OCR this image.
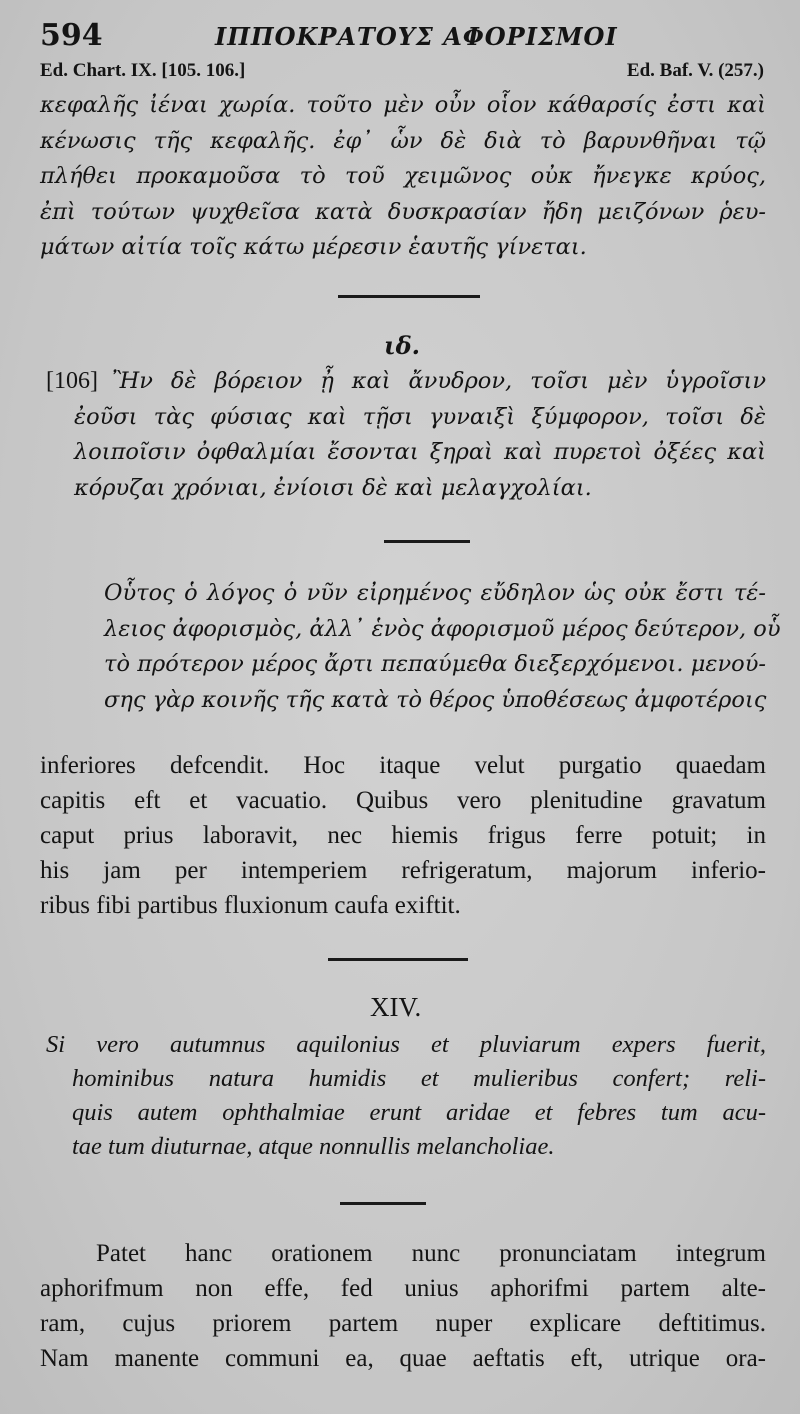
594	ΙΠΠΟΚΡΑΤΟΥΣ ΑΦΟΡΙΣΜΟΙ
Ed. Chart. IX. [105. 106.]	Ed. Baf. V. (257.)
κεφαλῆς ἰέναι χωρία. τοῦτο μὲν οὖν οἷον κάθαρσίς ἐστι καὶ
κένωσις τῆς κεφαλῆς. ἐφ᾽ ὧν δὲ διὰ τὸ βαρυνθῆναι τῷ
πλήθει προκαμοῦσα τὸ τοῦ χειμῶνος οὐκ ἤνεγκε κρύος,
ἐπὶ τούτων ψυχθεῖσα κατὰ δυσκρασίαν ἤδη μειζόνων ῥευ-
μάτων αἰτία τοῖς κάτω μέρεσιν ἑαυτῆς γίνεται.
ιδ.
[106] Ἢν δὲ βόρειον ᾖ καὶ ἄνυδρον, τοῖσι μὲν ὑγροῖσιν
ἐοῦσι τὰς φύσιας καὶ τῇσι γυναιξὶ ξύμφορον, τοῖσι δὲ
λοιποῖσιν ὀφθαλμίαι ἔσονται ξηραὶ καὶ πυρετοὶ ὀξέες καὶ
κόρυζαι χρόνιαι, ἐνίοισι δὲ καὶ μελαγχολίαι.
Οὗτος ὁ λόγος ὁ νῦν εἰρημένος εὔδηλον ὡς οὐκ ἔστι τέ-
λειος ἀφορισμὸς, ἀλλ᾽ ἑνὸς ἀφορισμοῦ μέρος δεύτερον, οὗ
τὸ πρότερον μέρος ἄρτι πεπαύμεθα διεξερχόμενοι. μενού-
σης γὰρ κοινῆς τῆς κατὰ τὸ θέρος ὑποθέσεως ἀμφοτέροις
inferiores defcendit. Hoc itaque velut purgatio quaedam
capitis eft et vacuatio. Quibus vero plenitudine gravatum
caput prius laboravit, nec hiemis frigus ferre potuit; in
his jam per intemperiem refrigeratum, majorum inferio-
ribus fibi partibus fluxionum caufa exiftit.
XIV.
Si vero autumnus aquilonius et pluviarum expers fuerit,
hominibus natura humidis et mulieribus confert; reli-
quis autem ophthalmiae erunt aridae et febres tum acu-
tae tum diuturnae, atque nonnullis melancholiae.
Patet hanc orationem nunc pronunciatam integrum
aphorifmum non effe, fed unius aphorifmi partem alte-
ram, cujus priorem partem nuper explicare deftitimus.
Nam manente communi ea, quae aeftatis eft, utrique ora-
